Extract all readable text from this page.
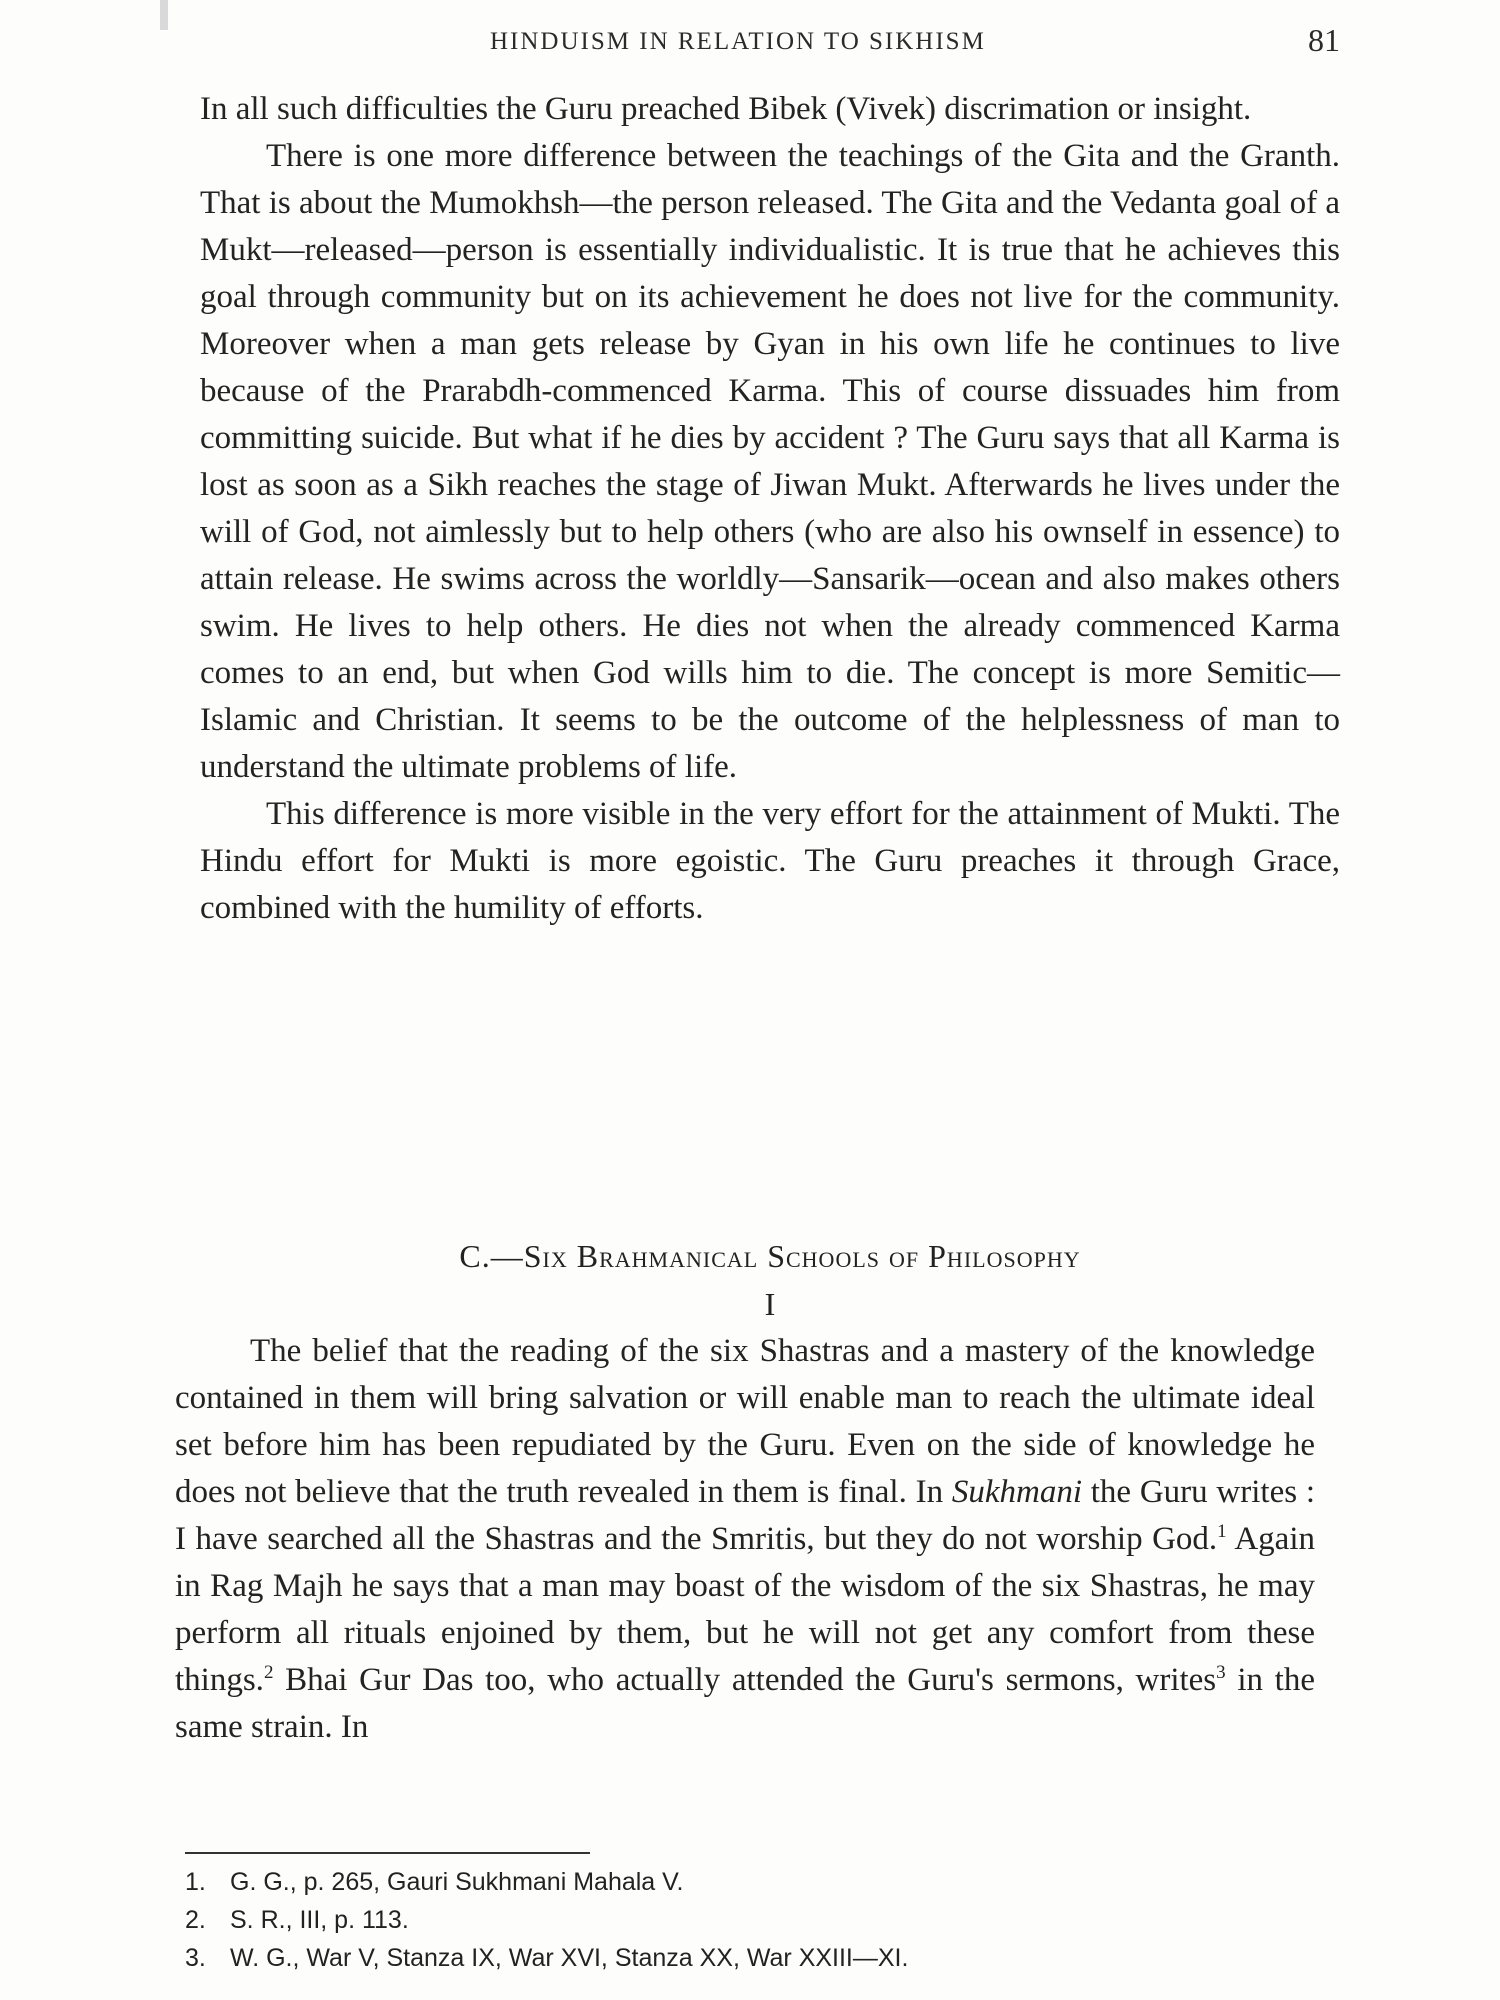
HINDUISM IN RELATION TO SIKHISM	81

In all such difficulties the Guru preached Bibek (Vivek) discrimation or insight.

There is one more difference between the teachings of the Gita and the Granth. That is about the Mumokhsh—the person released. The Gita and the Vedanta goal of a Mukt—released—person is essentially individualistic. It is true that he achieves this goal through community but on its achievement he does not live for the community. Moreover when a man gets release by Gyan in his own life he continues to live because of the Prarabdh-commenced Karma. This of course dissuades him from committing suicide. But what if he dies by accident ? The Guru says that all Karma is lost as soon as a Sikh reaches the stage of Jiwan Mukt. Afterwards he lives under the will of God, not aimlessly but to help others (who are also his ownself in essence) to attain release. He swims across the worldly—Sansarik—ocean and also makes others swim. He lives to help others. He dies not when the already commenced Karma comes to an end, but when God wills him to die. The concept is more Semitic—Islamic and Christian. It seems to be the outcome of the helplessness of man to understand the ultimate problems of life.

This difference is more visible in the very effort for the attainment of Mukti. The Hindu effort for Mukti is more egoistic. The Guru preaches it through Grace, combined with the humility of efforts.

C.—Six Brahmanical Schools of Philosophy
I

The belief that the reading of the six Shastras and a mastery of the knowledge contained in them will bring salvation or will enable man to reach the ultimate ideal set before him has been repudiated by the Guru. Even on the side of knowledge he does not believe that the truth revealed in them is final. In Sukhmani the Guru writes : I have searched all the Shastras and the Smritis, but they do not worship God.$^1$ Again in Rag Majh he says that a man may boast of the wisdom of the six Shastras, he may perform all rituals enjoined by them, but he will not get any comfort from these things.$^2$ Bhai Gur Das too, who actually attended the Guru's sermons, writes$^3$ in the same strain. In

1. G. G., p. 265, Gauri Sukhmani Mahala V.
2. S. R., III, p. 113.
3. W. G., War V, Stanza IX, War XVI, Stanza XX, War XXIII—XI.
